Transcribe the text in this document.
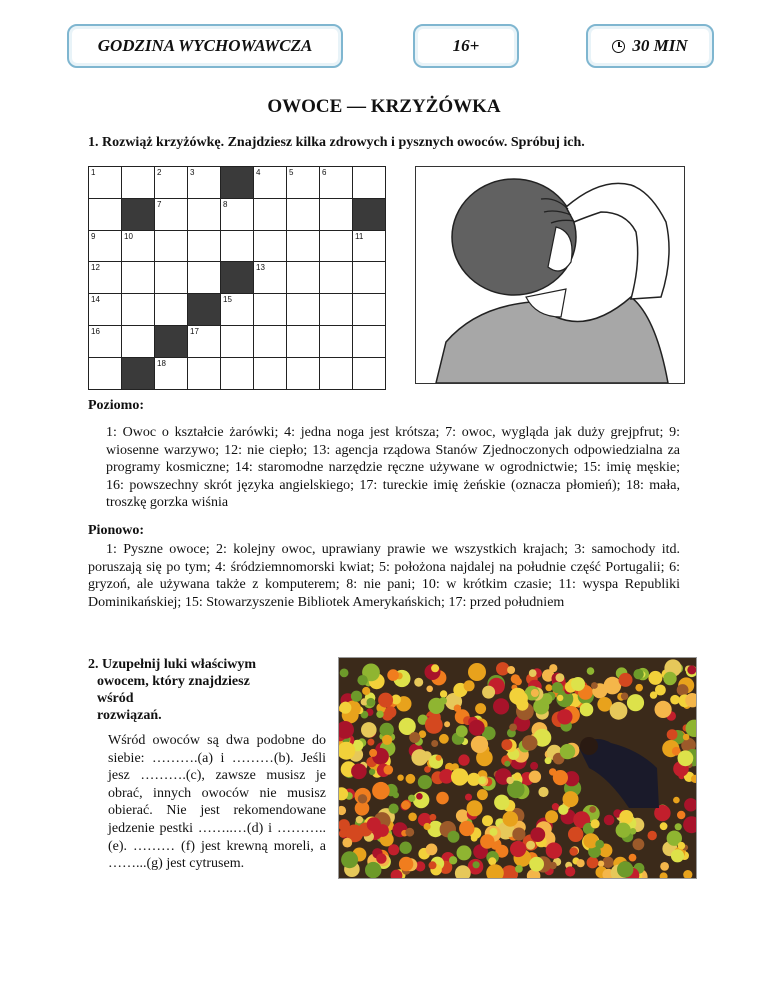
GODZINA WYCHOWAWCZA	16+	30 MIN
OWOCE — KRZYŻÓWKA
1. Rozwiąż krzyżówkę. Znajdziesz kilka zdrowych i pysznych owoców. Spróbuj ich.
1	2	3	4	5	6
7	8
9	10	11
12	13
14	15
16	17
18
Poziomo:
1: Owoc o kształcie żarówki; 4: jedna noga jest krótsza; 7: owoc, wygląda jak duży grejpfrut; 9: wiosenne warzywo; 12: nie ciepło; 13: agencja rządowa Stanów Zjednoczonych odpowiedzialna za programy kosmiczne; 14: staromodne narzędzie ręczne używane w ogrodnictwie; 15: imię męskie; 16: powszechny skrót języka angielskiego; 17: tureckie imię żeńskie (oznacza płomień); 18: mała, troszkę gorzka wiśnia
Pionowo:
1: Pyszne owoce; 2: kolejny owoc, uprawiany prawie we wszystkich krajach; 3: samochody itd. poruszają się po tym; 4: śródziemnomorski kwiat; 5: położona najdalej na południe część Portugalii; 6: gryzoń, ale używana także z komputerem; 8: nie pani; 10: w krótkim czasie; 11: wyspa Republiki Dominikańskiej; 15: Stowarzyszenie Bibliotek Amerykańskich; 17: przed południem
2. Uzupełnij luki właściwym
owocem, który znajdziesz wśród
rozwiązań.
Wśród owoców są dwa podobne do siebie: ……….(a) i ………(b). Jeśli jesz ……….(c), zawsze musisz je obrać, innych owoców nie musisz obierać. Nie jest rekomendowane jedzenie pestki ……..…(d) i ………..(e). ……… (f) jest krewną moreli, a ……...(g) jest cytrusem.
